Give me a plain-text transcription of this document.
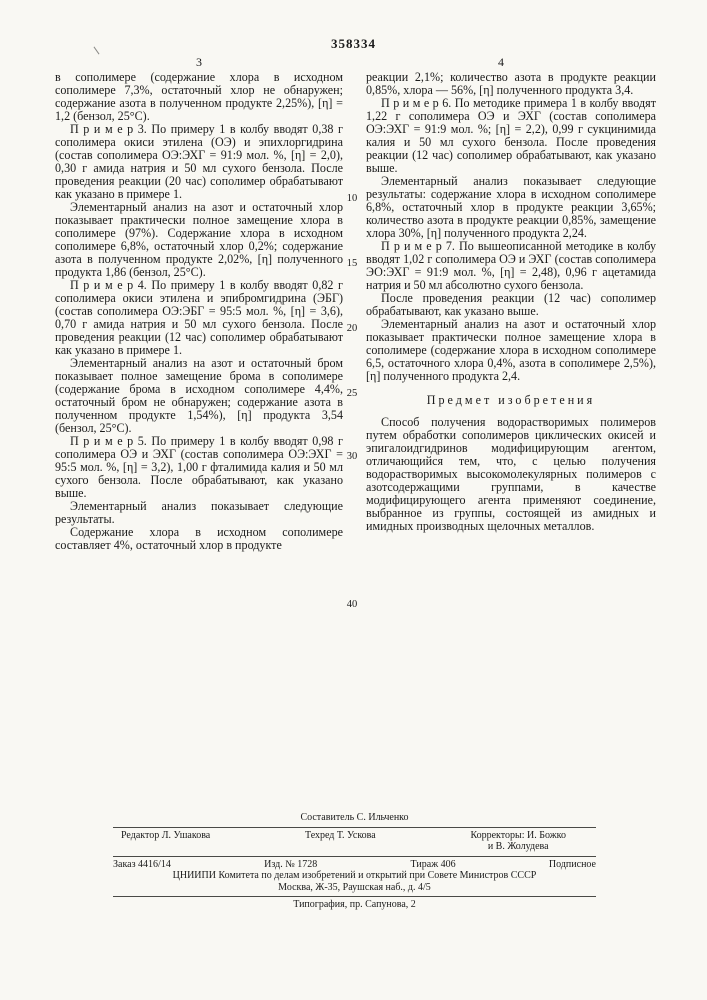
358334
3	4

в сополимере (содержание хлора в исходном сополимере 7,3%, остаточный хлор не обнаружен; содержание азота в полученном продукте 2,25%), [η] = 1,2 (бензол, 25°С).

П р и м е р 3. По примеру 1 в колбу вводят 0,38 г сополимера окиси этилена (ОЭ) и эпихлоргидрина (состав сополимера ОЭ:ЭХГ = 91:9 мол. %, [η] = 2,0), 0,30 г амида натрия и 50 мл сухого бензола. После проведения реакции (20 час) сополимер обрабатывают как указано в примере 1.

Элементарный анализ на азот и остаточный хлор показывает практически полное замещение хлора в сополимере (97%). Содержание хлора в исходном сополимере 6,8%, остаточный хлор 0,2%; содержание азота в полученном продукте 2,02%, [η] полученного продукта 1,86 (бензол, 25°С).

П р и м е р 4. По примеру 1 в колбу вводят 0,82 г сополимера окиси этилена и эпибромгидрина (ЭБГ) (состав сополимера ОЭ:ЭБГ = 95:5 мол. %, [η] = 3,6), 0,70 г амида натрия и 50 мл сухого бензола. После проведения реакции (12 час) сополимер обрабатывают как указано в примере 1.

Элементарный анализ на азот и остаточный бром показывает полное замещение брома в сополимере (содержание брома в исходном сополимере 4,4%, остаточный бром не обнаружен; содержание азота в полученном продукте 1,54%), [η] продукта 3,54 (бензол, 25°С).

П р и м е р 5. По примеру 1 в колбу вводят 0,98 г сополимера ОЭ и ЭХГ (состав сополимера ОЭ:ЭХГ = 95:5 мол. %, [η] = 3,2), 1,00 г фталимида калия и 50 мл сухого бензола. После обрабатывают, как указано выше.

Элементарный анализ показывает следующие результаты.

Содержание хлора в исходном сополимере составляет 4%, остаточный хлор в продукте

10
15
20
25
30
40

реакции 2,1%; количество азота в продукте реакции 0,85%, хлора — 56%, [η] полученного продукта 3,4.

П р и м е р 6. По методике примера 1 в колбу вводят 1,22 г сополимера ОЭ и ЭХГ (состав сополимера ОЭ:ЭХГ = 91:9 мол. %; [η] = 2,2), 0,99 г сукцинимида калия и 50 мл сухого бензола. После проведения реакции (12 час) сополимер обрабатывают, как указано выше.

Элементарный анализ показывает следующие результаты: содержание хлора в исходном сополимере 6,8%, остаточный хлор в продукте реакции 3,65%; количество азота в продукте реакции 0,85%, замещение хлора 30%, [η] полученного продукта 2,24.

П р и м е р 7. По вышеописанной методике в колбу вводят 1,02 г сополимера ОЭ и ЭХГ (состав сополимера ЭО:ЭХГ = 91:9 мол. %, [η] = 2,48), 0,96 г ацетамида натрия и 50 мл абсолютно сухого бензола.

После проведения реакции (12 час) сополимер обрабатывают, как указано выше.

Элементарный анализ на азот и остаточный хлор показывает практически полное замещение хлора в сополимере (содержание хлора в исходном сополимере 6,5, остаточного хлора 0,4%, азота в сополимере 2,5%), [η] полученного продукта 2,4.

Предмет изобретения

Способ получения водорастворимых полимеров путем обработки сополимеров циклических окисей и эпигалоидгидринов модифицирующим агентом, отличающийся тем, что, с целью получения водорастворимых высокомолекулярных полимеров с азотсодержащими группами, в качестве модифицирующего агента применяют соединение, выбранное из группы, состоящей из амидных и имидных производных щелочных металлов.

Составитель С. Ильченко
Редактор Л. Ушакова	Техред Т. Ускова	Корректоры: И. Божко
и В. Жолудева
Заказ 4416/14	Изд. № 1728	Тираж 406	Подписное
ЦНИИПИ Комитета по делам изобретений и открытий при Совете Министров СССР
Москва, Ж-35, Раушская наб., д. 4/5
Типография, пр. Сапунова, 2
